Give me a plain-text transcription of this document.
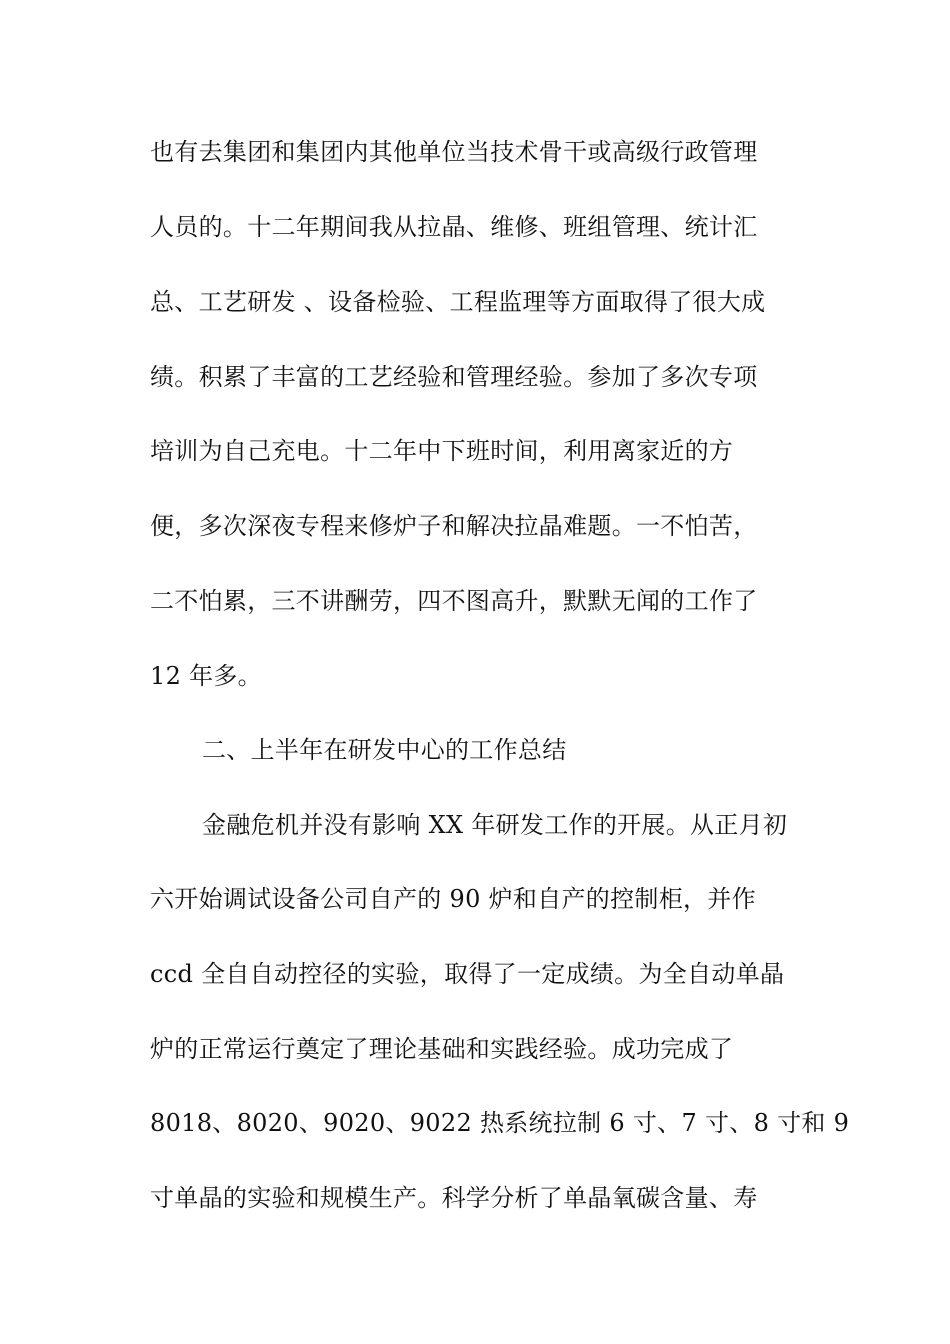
也有去集团和集团内其他单位当技术骨干或高级行政管理
人员的。十二年期间我从拉晶、维修、班组管理、统计汇
总、工艺研发 、设备检验、工程监理等方面取得了很大成
绩。积累了丰富的工艺经验和管理经验。参加了多次专项
培训为自己充电。十二年中下班时间，利用离家近的方
便，多次深夜专程来修炉子和解决拉晶难题。一不怕苦，
二不怕累，三不讲酬劳，四不图高升，默默无闻的工作了
12 年多。
二、上半年在研发中心的工作总结
金融危机并没有影响 XX 年研发工作的开展。从正月初
六开始调试设备公司自产的 90 炉和自产的控制柜，并作
ccd 全自自动控径的实验，取得了一定成绩。为全自动单晶
炉的正常运行奠定了理论基础和实践经验。成功完成了
8018、8020、9020、9022 热系统拉制 6 寸、7 寸、8 寸和 9
寸单晶的实验和规模生产。科学分析了单晶氧碳含量、寿
